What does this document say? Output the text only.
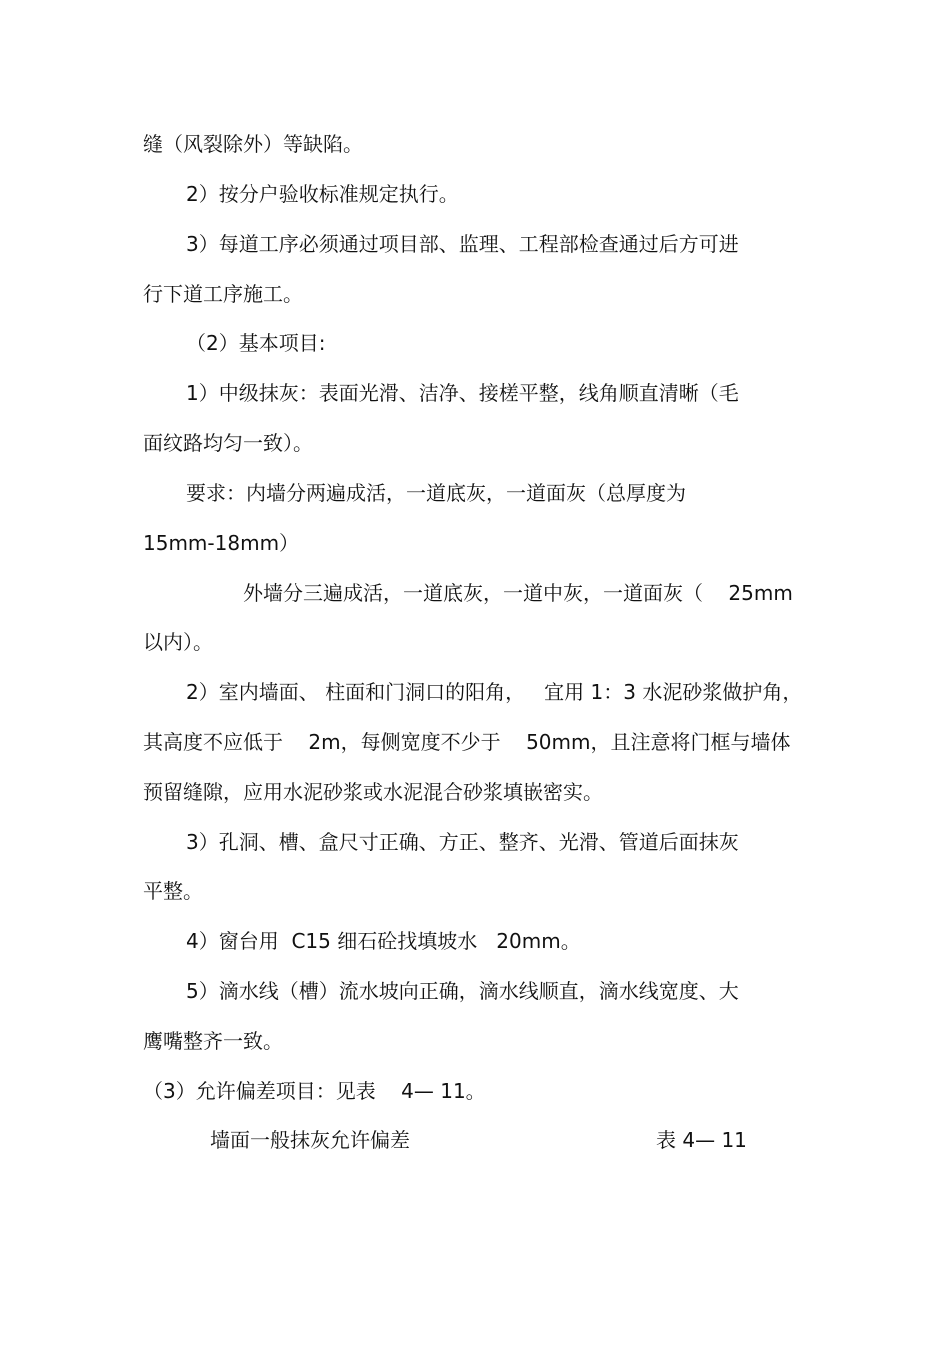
缝（风裂除外）等缺陷。
2）按分户验收标准规定执行。
3）每道工序必须通过项目部、监理、工程部检查通过后方可进
行下道工序施工。
（2）基本项目:
1）中级抹灰：表面光滑、洁净、接槎平整，线角顺直清晰（毛
面纹路均匀一致）。
要求：内墙分两遍成活，一道底灰，一道面灰（总厚度为
15mm-18mm）
外墙分三遍成活，一道底灰，一道中灰，一道面灰（    25mm
以内）。
2）室内墙面、 柱面和门洞口的阳角，   宜用 1：3 水泥砂浆做护角，
其高度不应低于    2m，每侧宽度不少于    50mm，且注意将门框与墙体
预留缝隙，应用水泥砂浆或水泥混合砂浆填嵌密实。
3）孔洞、槽、盒尺寸正确、方正、整齐、光滑、管道后面抹灰
平整。
4）窗台用  C15 细石砼找填坡水   20mm。
5）滴水线（槽）流水坡向正确，滴水线顺直，滴水线宽度、大
鹰嘴整齐一致。
（3）允许偏差项目：见表    4— 11。
墙面一般抹灰允许偏差	表 4— 11
